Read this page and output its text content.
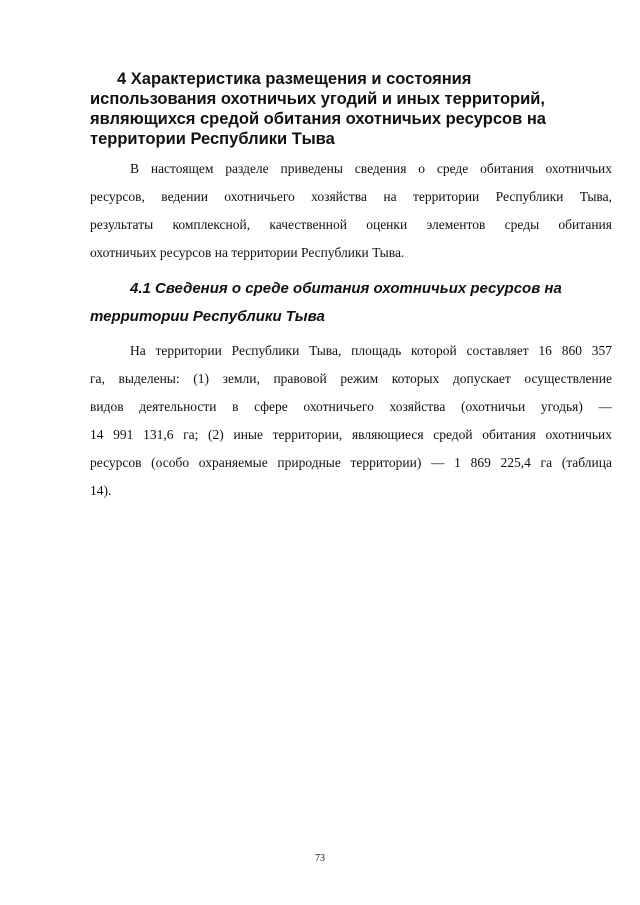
4 Характеристика размещения и состояния
использования охотничьих угодий и иных территорий,
являющихся средой обитания охотничьих ресурсов на
территории Республики Тыва
В настоящем разделе приведены сведения о среде обитания охотничьих
ресурсов, ведении охотничьего хозяйства на территории Республики Тыва,
результаты комплексной, качественной оценки элементов среды обитания
охотничьих ресурсов на территории Республики Тыва.
4.1 Сведения о среде обитания охотничьих ресурсов на
территории Республики Тыва
На территории Республики Тыва, площадь которой составляет 16 860 357
га, выделены: (1) земли, правовой режим которых допускает осуществление
видов деятельности в сфере охотничьего хозяйства (охотничьи угодья) —
14 991 131,6 га; (2) иные территории, являющиеся средой обитания охотничьих
ресурсов (особо охраняемые природные территории) — 1 869 225,4 га (таблица
14).
73
